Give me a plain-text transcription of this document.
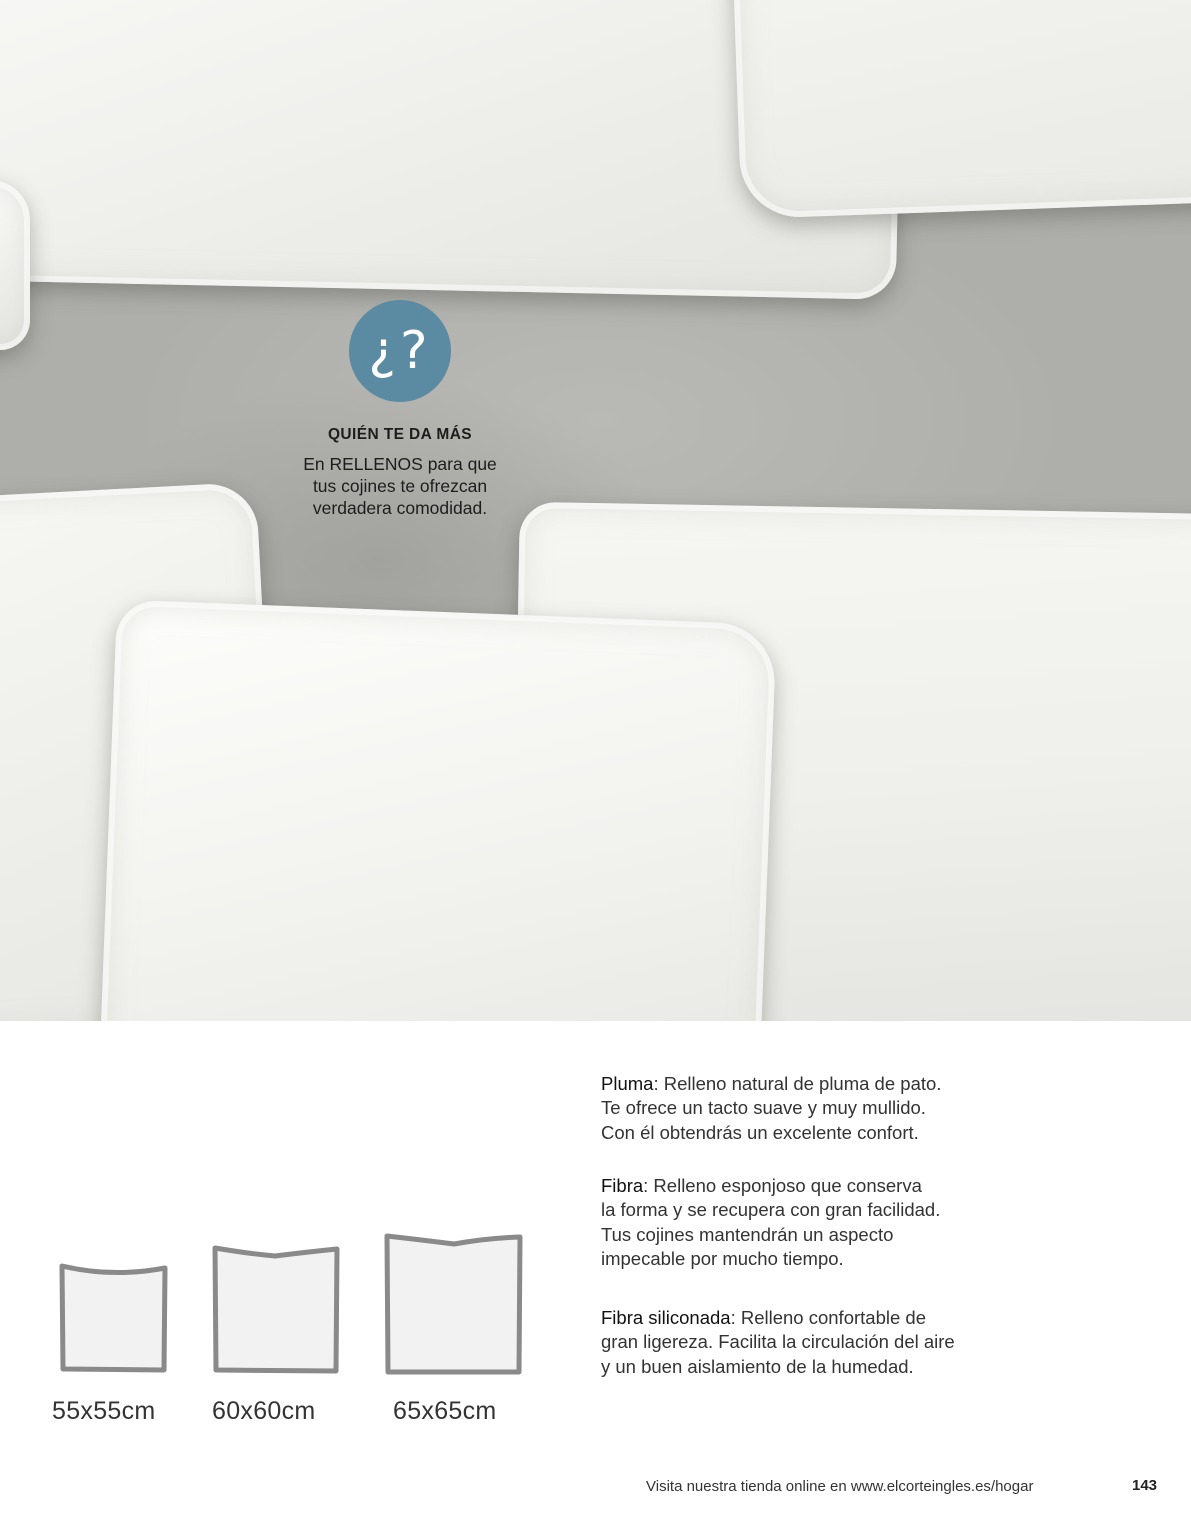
¿?
QUIÉN TE DA MÁS
En RELLENOS para que
tus cojines te ofrezcan
verdadera comodidad.
55x55cm 60x60cm	65x65cm
Pluma: Relleno natural de pluma de pato.
Te ofrece un tacto suave y muy mullido.
Con él obtendrás un excelente confort.
Fibra: Relleno esponjoso que conserva
la forma y se recupera con gran facilidad.
Tus cojines mantendrán un aspecto
impecable por mucho tiempo.
Fibra siliconada: Relleno confortable de
gran ligereza. Facilita la circulación del aire
y un buen aislamiento de la humedad.
Visita nuestra tienda online en www.elcorteingles.es/hogar	143
